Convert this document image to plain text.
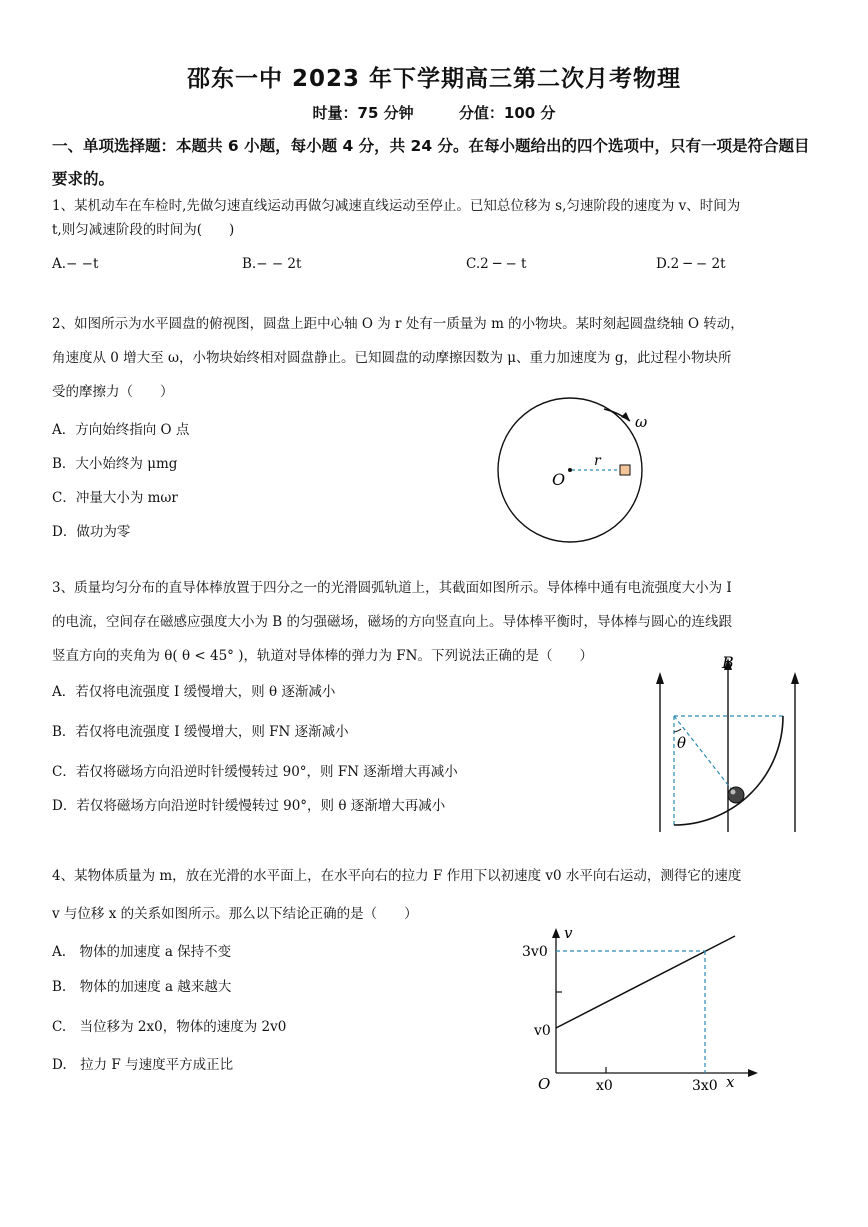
邵东一中 2023 年下学期高三第二次月考物理
时量：75 分钟	分值：100 分
一、单项选择题：本题共 6 小题，每小题 4 分，共 24 分。在每小题给出的四个选项中，只有一项是符合题目要求的。
1、某机动车在车检时,先做匀速直线运动再做匀减速直线运动至停止。已知总位移为 s,匀速阶段的速度为 v、时间为
t,则匀减速阶段的时间为(　　)
A.− −t	B.− − 2t	C.2 ─ − t	D.2 ─ − 2t
2、如图所示为水平圆盘的俯视图，圆盘上距中心轴 O 为 r 处有一质量为 m 的小物块。某时刻起圆盘绕轴 O 转动，
角速度从 0 增大至 ω，小物块始终相对圆盘静止。已知圆盘的动摩擦因数为 μ、重力加速度为 g，此过程小物块所
受的摩擦力（　　）
A．方向始终指向 O 点
B．大小始终为 μmg
C．冲量大小为 mωr
D．做功为零
O
r
ω
3、质量均匀分布的直导体棒放置于四分之一的光滑圆弧轨道上，其截面如图所示。导体棒中通有电流强度大小为 I
的电流，空间存在磁感应强度大小为 B 的匀强磁场，磁场的方向竖直向上。导体棒平衡时，导体棒与圆心的连线跟
竖直方向的夹角为 θ( θ < 45° )，轨道对导体棒的弹力为 FN。下列说法正确的是（　　）
A．若仅将电流强度 I 缓慢增大，则 θ 逐渐减小
B．若仅将电流强度 I 缓慢增大，则 FN 逐渐减小
C．若仅将磁场方向沿逆时针缓慢转过 90°，则 FN 逐渐增大再减小
D．若仅将磁场方向沿逆时针缓慢转过 90°，则 θ 逐渐增大再减小
B
θ
4、某物体质量为 m，放在光滑的水平面上，在水平向右的拉力 F 作用下以初速度 v0 水平向右运动，测得它的速度
v 与位移 x 的关系如图所示。那么以下结论正确的是（　　）
A.　物体的加速度 a 保持不变
B.　物体的加速度 a 越来越大
C.　当位移为 2x0，物体的速度为 2v0
D.　拉力 F 与速度平方成正比
v
x
O
3v0
v0
x0	3x0
